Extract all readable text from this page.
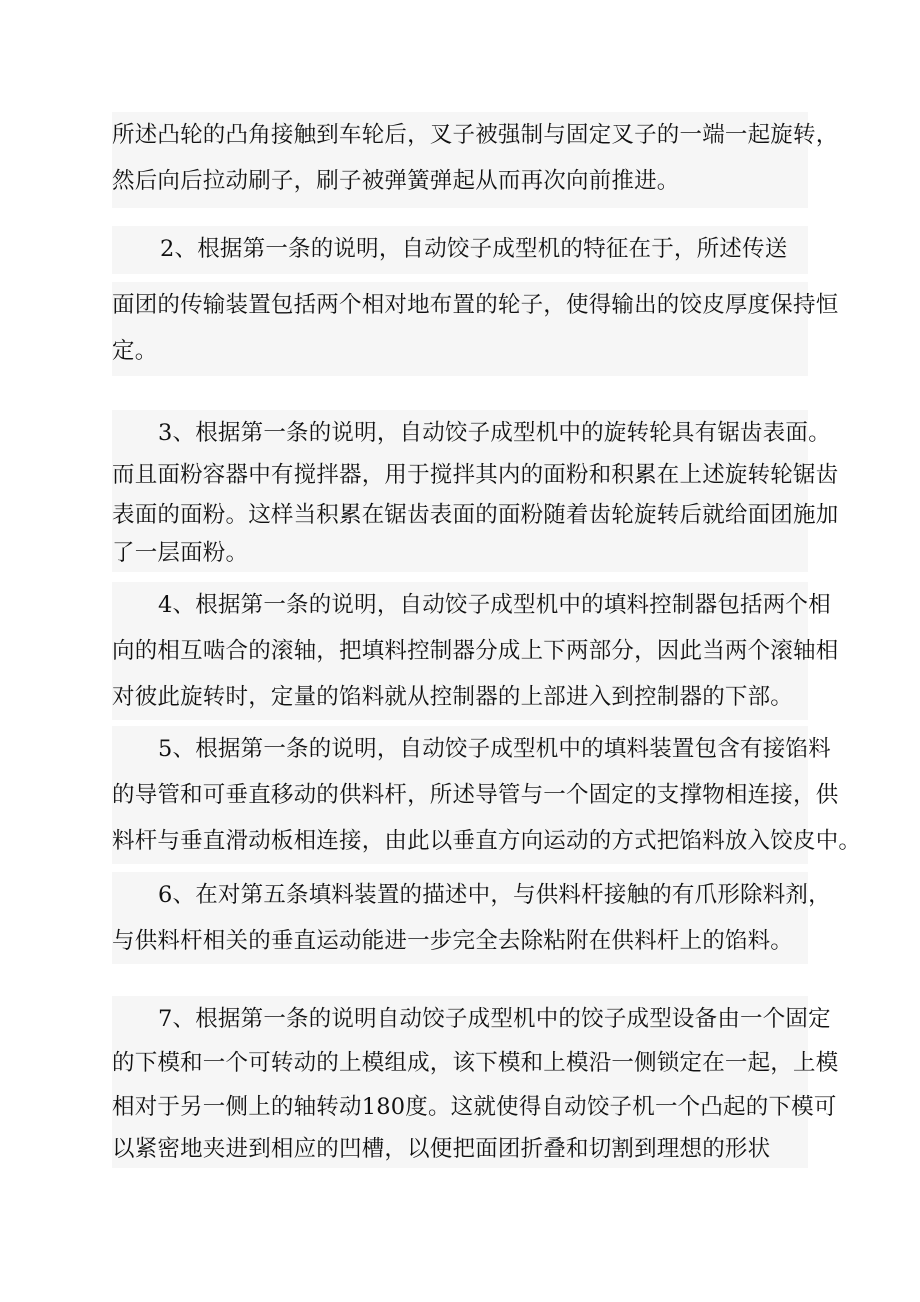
所述凸轮的凸角接触到车轮后，叉子被强制与固定叉子的一端一起旋转，
然后向后拉动刷子，刷子被弹簧弹起从而再次向前推进。
2、根据第一条的说明，自动饺子成型机的特征在于，所述传送
面团的传输装置包括两个相对地布置的轮子，使得输出的饺皮厚度保持恒
定。
3、根据第一条的说明，自动饺子成型机中的旋转轮具有锯齿表面。
而且面粉容器中有搅拌器，用于搅拌其内的面粉和积累在上述旋转轮锯齿
表面的面粉。这样当积累在锯齿表面的面粉随着齿轮旋转后就给面团施加
了一层面粉。
4、根据第一条的说明，自动饺子成型机中的填料控制器包括两个相
向的相互啮合的滚轴，把填料控制器分成上下两部分，因此当两个滚轴相
对彼此旋转时，定量的馅料就从控制器的上部进入到控制器的下部。
5、根据第一条的说明，自动饺子成型机中的填料装置包含有接馅料
的导管和可垂直移动的供料杆，所述导管与一个固定的支撑物相连接，供
料杆与垂直滑动板相连接，由此以垂直方向运动的方式把馅料放入饺皮中。
6、在对第五条填料装置的描述中，与供料杆接触的有爪形除料剂，
与供料杆相关的垂直运动能进一步完全去除粘附在供料杆上的馅料。
7、根据第一条的说明自动饺子成型机中的饺子成型设备由一个固定
的下模和一个可转动的上模组成，该下模和上模沿一侧锁定在一起，上模
相对于另一侧上的轴转动180度。这就使得自动饺子机一个凸起的下模可
以紧密地夹进到相应的凹槽，以便把面团折叠和切割到理想的形状
